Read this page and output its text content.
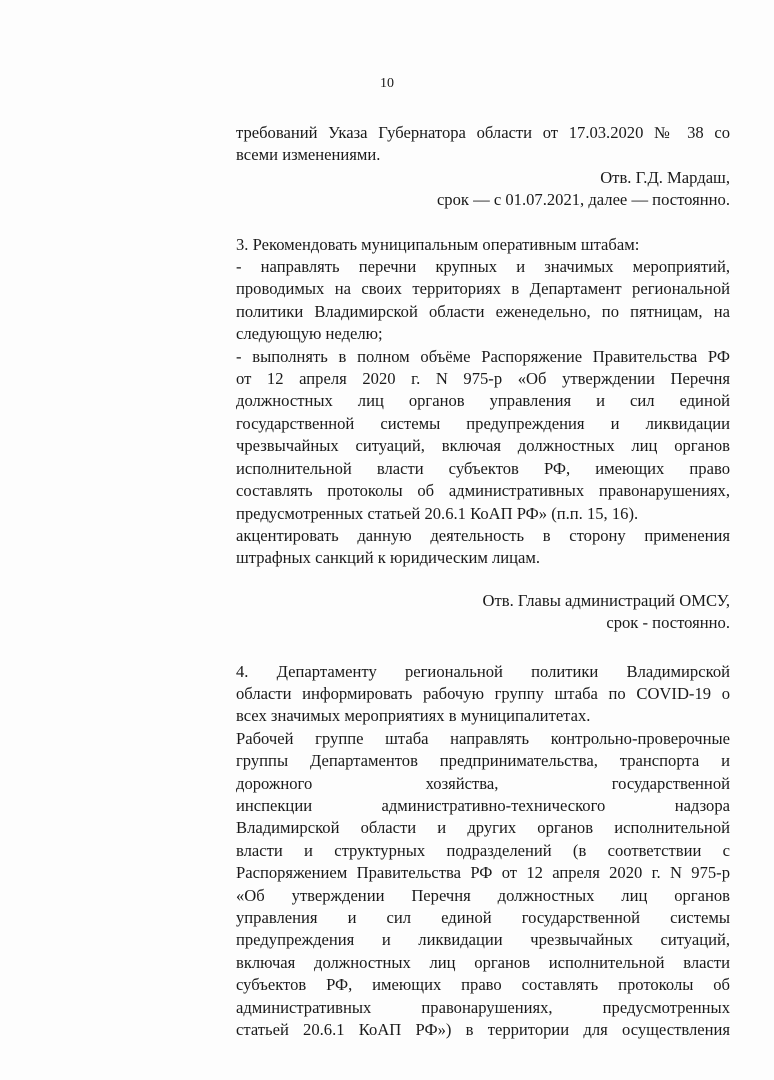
10
требований Указа Губернатора области от 17.03.2020 № 38 со
всеми изменениями.
Отв. Г.Д. Мардаш,
срок — с 01.07.2021, далее — постоянно.
3. Рекомендовать муниципальным оперативным штабам:
- направлять перечни крупных и значимых мероприятий,
проводимых на своих территориях в Департамент региональной
политики Владимирской области еженедельно, по пятницам, на
следующую неделю;
- выполнять в полном объёме Распоряжение Правительства РФ
от 12 апреля 2020 г. N 975-р «Об утверждении Перечня
должностных лиц органов управления и сил единой
государственной системы предупреждения и ликвидации
чрезвычайных ситуаций, включая должностных лиц органов
исполнительной власти субъектов РФ, имеющих право
составлять протоколы об административных правонарушениях,
предусмотренных статьей 20.6.1 КоАП РФ» (п.п. 15, 16).
акцентировать данную деятельность в сторону применения
штрафных санкций к юридическим лицам.
Отв. Главы администраций ОМСУ,
срок - постоянно.
4. Департаменту региональной политики Владимирской
области информировать рабочую группу штаба по COVID-19 о
всех значимых мероприятиях в муниципалитетах.
Рабочей группе штаба направлять контрольно-проверочные
группы Департаментов предпринимательства, транспорта и
дорожного хозяйства, государственной
инспекции административно-технического надзора
Владимирской области и других органов исполнительной
власти и структурных подразделений (в соответствии с
Распоряжением Правительства РФ от 12 апреля 2020 г. N 975-р
«Об утверждении Перечня должностных лиц органов
управления и сил единой государственной системы
предупреждения и ликвидации чрезвычайных ситуаций,
включая должностных лиц органов исполнительной власти
субъектов РФ, имеющих право составлять протоколы об
административных правонарушениях, предусмотренных
статьей 20.6.1 КоАП РФ») в территории для осуществления
